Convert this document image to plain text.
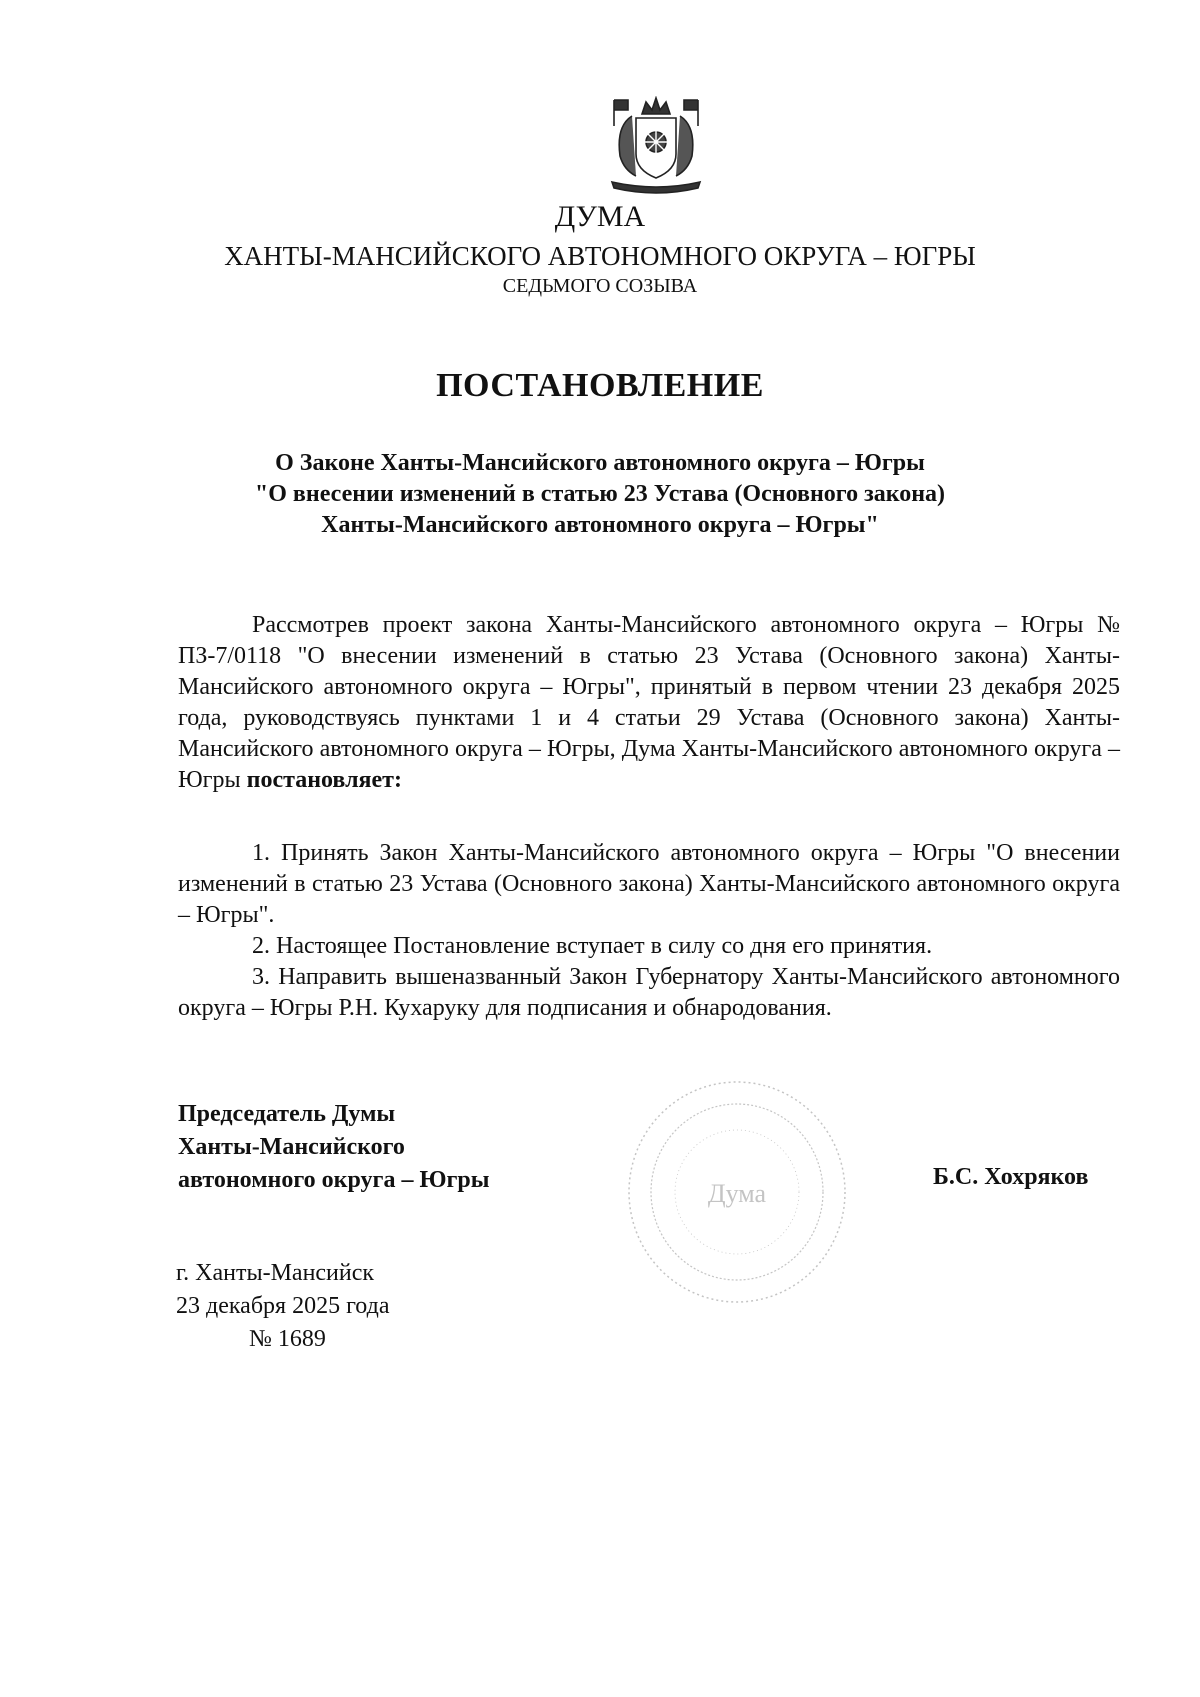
ДУМА
ХАНТЫ-МАНСИЙСКОГО АВТОНОМНОГО ОКРУГА – ЮГРЫ
СЕДЬМОГО СОЗЫВА
ПОСТАНОВЛЕНИЕ
О Законе Ханты-Мансийского автономного округа – Югры
"О внесении изменений в статью 23 Устава (Основного закона)
Ханты-Мансийского автономного округа – Югры"

Рассмотрев проект закона Ханты-Мансийского автономного округа – Югры № ПЗ-7/0118 "О внесении изменений в статью 23 Устава (Основного закона) Ханты-Мансийского автономного округа – Югры", принятый в первом чтении 23 декабря 2025 года, руководствуясь пунктами 1 и 4 статьи 29 Устава (Основного закона) Ханты-Мансийского автономного округа – Югры, Дума Ханты-Мансийского автономного округа – Югры постановляет:

1. Принять Закон Ханты-Мансийского автономного округа – Югры "О внесении изменений в статью 23 Устава (Основного закона) Ханты-Мансийского автономного округа – Югры".

2. Настоящее Постановление вступает в силу со дня его принятия.

3. Направить вышеназванный Закон Губернатору Ханты-Мансийского автономного округа – Югры Р.Н. Кухаруку для подписания и обнародования.

Председатель Думы
Ханты-Мансийского
автономного округа – Югры	Дума
Б.С. Хохряков
г. Ханты-Мансийск
23 декабря 2025 года
№ 1689
